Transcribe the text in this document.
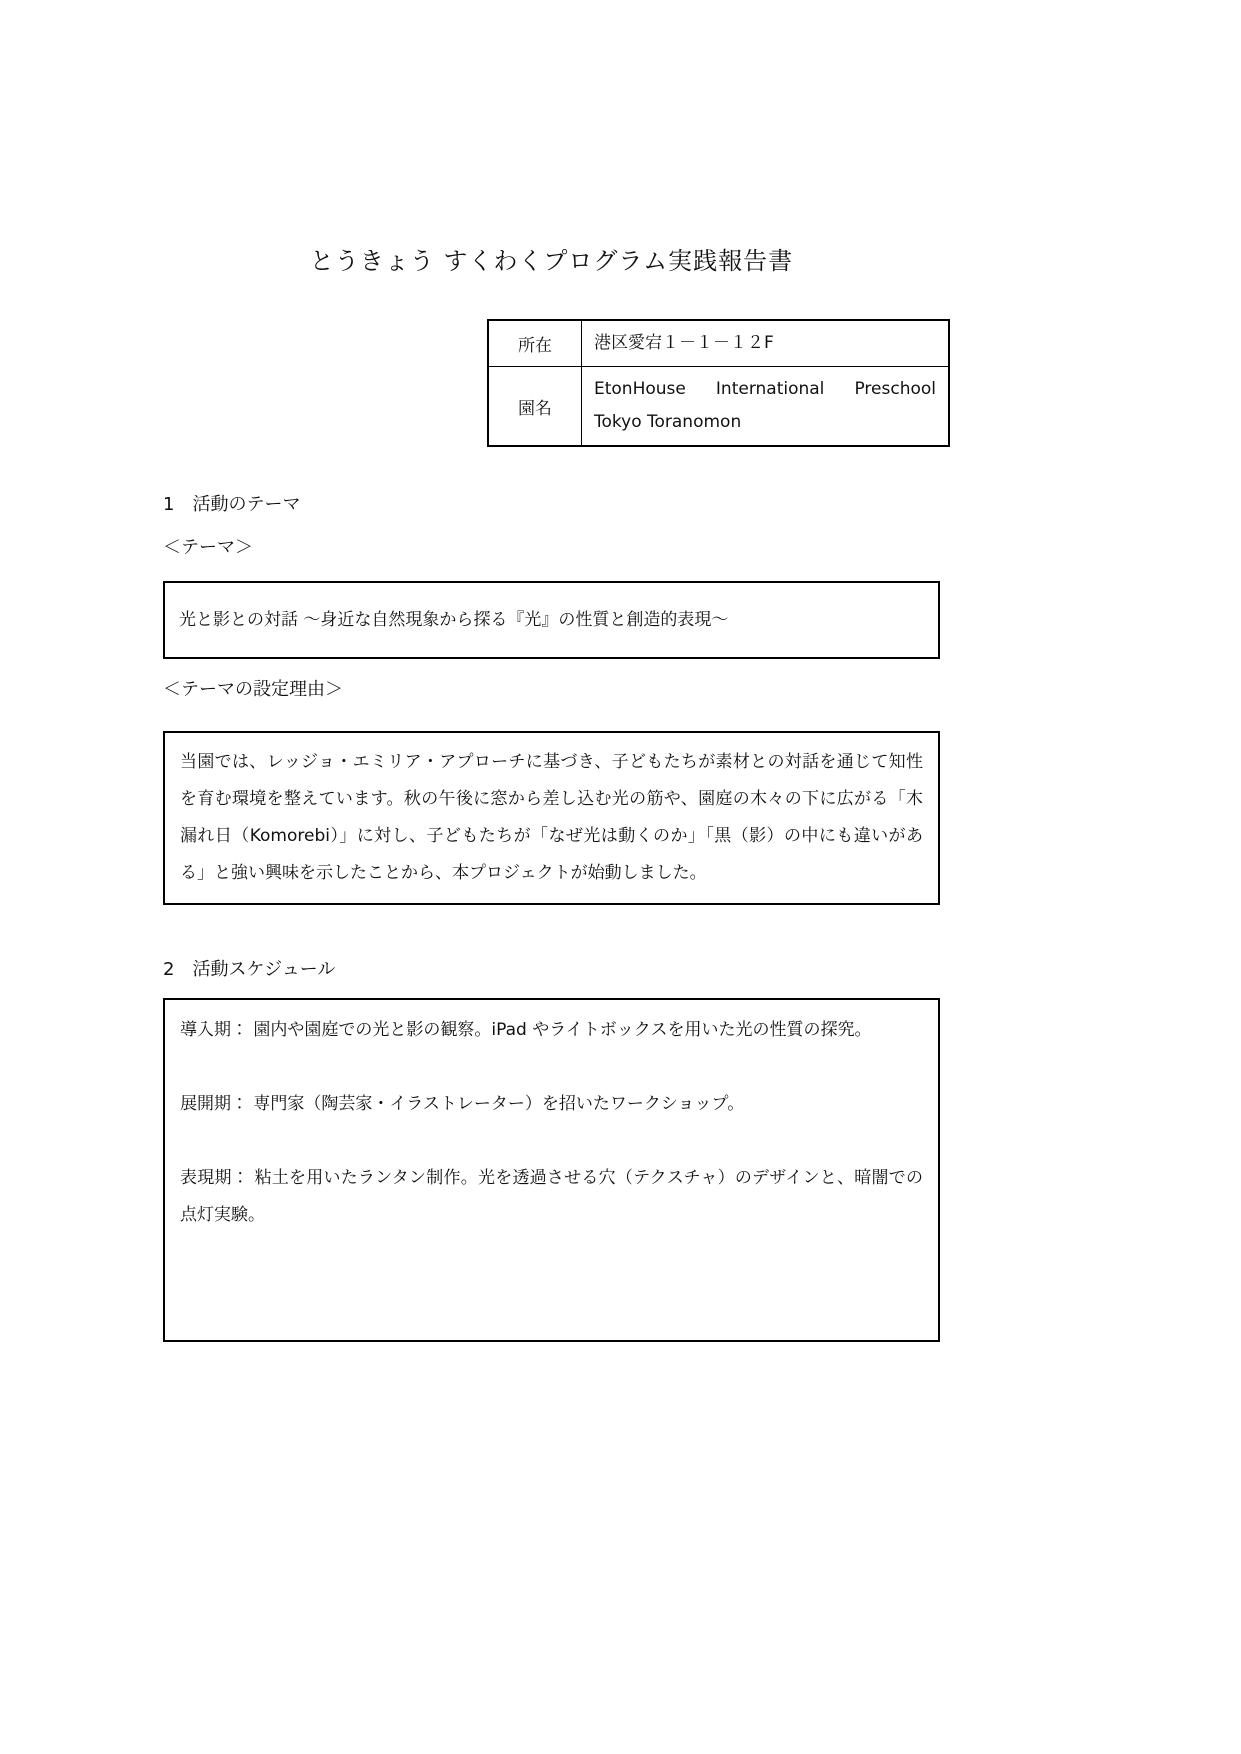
とうきょう すくわくプログラム実践報告書
所在	港区愛宕１－１－１２F

園名	EtonHouse International Preschool
Tokyo Toranomon
1　活動のテーマ
＜テーマ＞
光と影との対話 ～身近な自然現象から探る『光』の性質と創造的表現～
＜テーマの設定理由＞
当園では、レッジョ・エミリア・アプローチに基づき、子どもたちが素材との対話を通じて知性を育む環境を整えています。秋の午後に窓から差し込む光の筋や、園庭の木々の下に広がる「木漏れ日（Komorebi）」に対し、子どもたちが「なぜ光は動くのか」「黒（影）の中にも違いがある」と強い興味を示したことから、本プロジェクトが始動しました。
2　活動スケジュール

導入期： 園内や園庭での光と影の観察。iPad やライトボックスを用いた光の性質の探究。

展開期： 専門家（陶芸家・イラストレーター）を招いたワークショップ。

表現期： 粘土を用いたランタン制作。光を透過させる穴（テクスチャ）のデザインと、暗闇での点灯実験。
